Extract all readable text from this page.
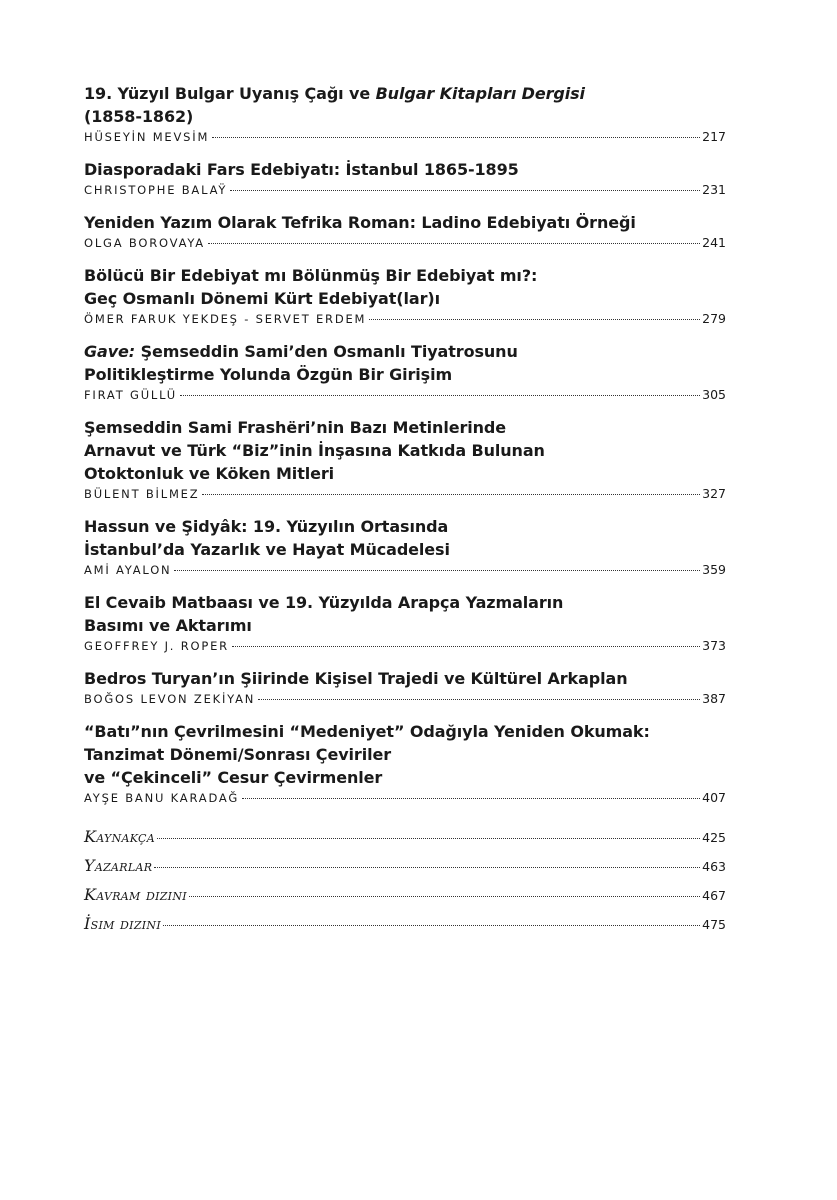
19. Yüzyıl Bulgar Uyanış Çağı ve Bulgar Kitapları Dergisi
(1858-1862)
HÜSEYİN MEVSİM	217
Diasporadaki Fars Edebiyatı: İstanbul 1865-1895
CHRISTOPHE BALAŸ	231
Yeniden Yazım Olarak Tefrika Roman: Ladino Edebiyatı Örneği
OLGA BOROVAYA	241
Bölücü Bir Edebiyat mı Bölünmüş Bir Edebiyat mı?:
Geç Osmanlı Dönemi Kürt Edebiyat(lar)ı
ÖMER FARUK YEKDEŞ - SERVET ERDEM	279
Gave: Şemseddin Sami’den Osmanlı Tiyatrosunu
Politikleştirme Yolunda Özgün Bir Girişim
FIRAT GÜLLÜ	305
Şemseddin Sami Frashëri’nin Bazı Metinlerinde
Arnavut ve Türk “Biz”inin İnşasına Katkıda Bulunan
Otoktonluk ve Köken Mitleri
BÜLENT BİLMEZ	327
Hassun ve Şidyâk: 19. Yüzyılın Ortasında
İstanbul’da Yazarlık ve Hayat Mücadelesi
AMİ AYALON	359
El Cevaib Matbaası ve 19. Yüzyılda Arapça Yazmaların
Basımı ve Aktarımı
GEOFFREY J. ROPER	373
Bedros Turyan’ın Şiirinde Kişisel Trajedi ve Kültürel Arkaplan
BOĞOS LEVON ZEKİYAN	387
“Batı”nın Çevrilmesini “Medeniyet” Odağıyla Yeniden Okumak:
Tanzimat Dönemi/Sonrası Çeviriler
ve “Çekinceli” Cesur Çevirmenler
AYŞE BANU KARADAĞ	407
Kaynakça	425
Yazarlar	463
Kavram dizini	467
İsim dizini	475
